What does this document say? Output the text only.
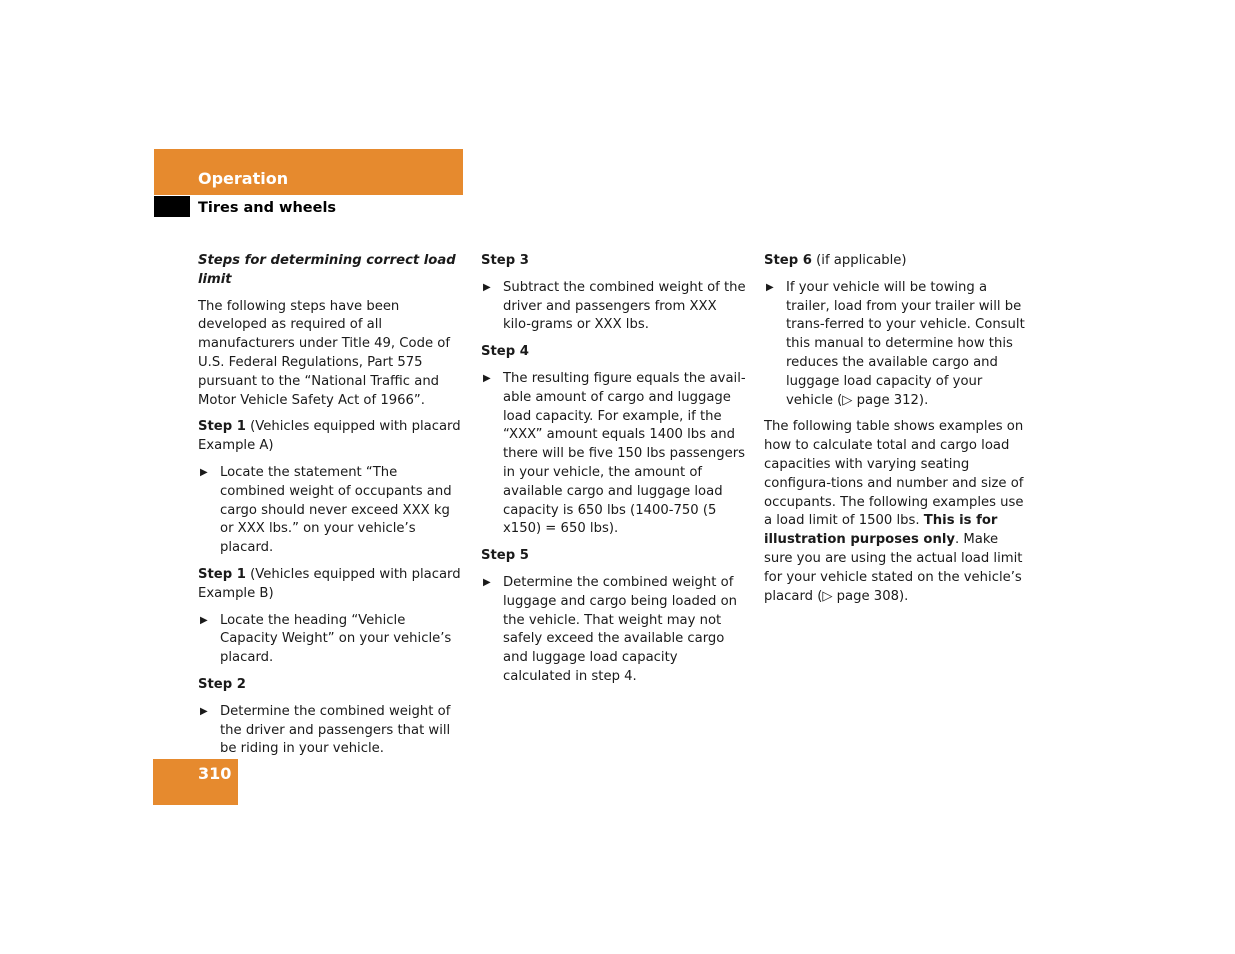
Operation
Tires and wheels

Steps for determining correct load limit

The following steps have been developed as required of all manufacturers under Title 49, Code of U.S. Federal Regulations, Part 575 pursuant to the “National Traffic and Motor Vehicle Safety Act of 1966”.

Step 1 (Vehicles equipped with placard Example A)

▶ Locate the statement “The combined weight of occupants and cargo should never exceed XXX kg or XXX lbs.” on your vehicle’s placard.

Step 1 (Vehicles equipped with placard Example B)

▶ Locate the heading “Vehicle Capacity Weight” on your vehicle’s placard.

Step 2

▶ Determine the combined weight of the driver and passengers that will be riding in your vehicle.

Step 3

▶ Subtract the combined weight of the driver and passengers from XXX kilo-grams or XXX lbs.

Step 4

▶ The resulting figure equals the avail-able amount of cargo and luggage load capacity. For example, if the “XXX” amount equals 1400 lbs and there will be five 150 lbs passengers in your vehicle, the amount of available cargo and luggage load capacity is 650 lbs (1400-750 (5 x150) = 650 lbs).

Step 5

▶ Determine the combined weight of luggage and cargo being loaded on the vehicle. That weight may not safely exceed the available cargo and luggage load capacity calculated in step 4.

Step 6 (if applicable)

▶ If your vehicle will be towing a trailer, load from your trailer will be trans-ferred to your vehicle. Consult this manual to determine how this reduces the available cargo and luggage load capacity of your vehicle (▷ page 312).

The following table shows examples on how to calculate total and cargo load capacities with varying seating configura-tions and number and size of occupants. The following examples use a load limit of 1500 lbs. This is for illustration purposes only. Make sure you are using the actual load limit for your vehicle stated on the vehicle’s placard (▷ page 308).

310
